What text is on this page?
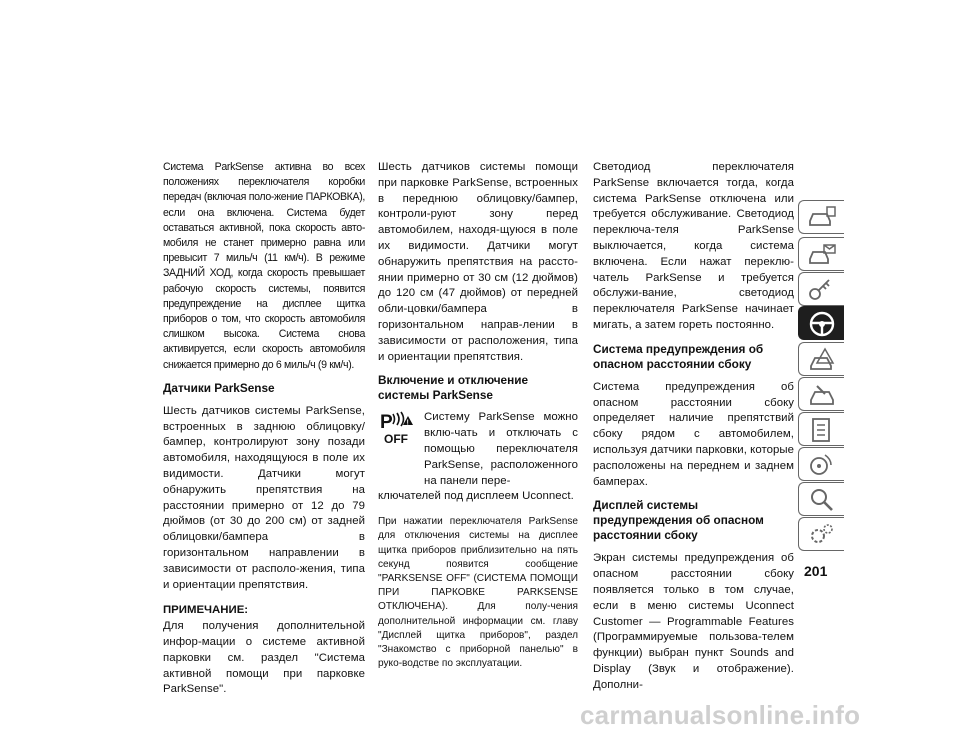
Система ParkSense активна во всех положениях переключателя коробки передач (включая поло-жение ПАРКОВКА), если она включена. Система будет оставаться активной, пока скорость авто-мобиля не станет примерно равна или превысит 7 миль/ч (11 км/ч). В режиме ЗАДНИЙ ХОД, когда скорость превышает рабочую скорость системы, появится предупреждение на дисплее щитка приборов о том, что скорость автомобиля слишком высока. Система снова активируется, если скорость автомобиля снижается примерно до 6 миль/ч (9 км/ч).

Датчики ParkSense

Шесть датчиков системы ParkSense, встроенных в заднюю облицовку/бампер, контролируют зону позади автомобиля, находящуюся в поле их видимости. Датчики могут обнаружить препятствия на расстоянии примерно от 12 до 79 дюймов (от 30 до 200 см) от задней облицовки/бампера в горизонтальном направлении в зависимости от располо-жения, типа и ориентации препятствия.

ПРИМЕЧАНИЕ:

Для получения дополнительной инфор-мации о системе активной парковки см. раздел "Система активной помощи при парковке ParkSense".

Шесть датчиков системы помощи при парковке ParkSense, встроенных в переднюю облицовку/бампер, контроли-руют зону перед автомобилем, находя-щуюся в поле их видимости. Датчики могут обнаружить препятствия на рассто-янии примерно от 30 см (12 дюймов) до 120 см (47 дюймов) от передней обли-цовки/бампера в горизонтальном направ-лении в зависимости от расположения, типа и ориентации препятствия.

Включение и отключение системы ParkSense
P !
OFF

Систему ParkSense можно вклю-чать и отключать с помощью переключателя ParkSense, расположенного на панели пере-

ключателей под дисплеем Uconnect.

При нажатии переключателя ParkSense для отключения системы на дисплее щитка приборов приблизительно на пять секунд появится сообщение "PARKSENSE OFF" (СИСТЕМА ПОМОЩИ ПРИ ПАРКОВКЕ PARKSENSE ОТКЛЮЧЕНА). Для полу-чения дополнительной информации см. главу "Дисплей щитка приборов", раздел "Знакомство с приборной панелью" в руко-водстве по эксплуатации.

Светодиод переключателя ParkSense включается тогда, когда система ParkSense отключена или требуется обслуживание. Светодиод переключа-теля ParkSense выключается, когда система включена. Если нажат переклю-чатель ParkSense и требуется обслужи-вание, светодиод переключателя ParkSense начинает мигать, а затем гореть постоянно.

Система предупреждения об опасном расстоянии сбоку

Система предупреждения об опасном расстоянии сбоку определяет наличие препятствий сбоку рядом с автомобилем, используя датчики парковки, которые расположены на переднем и заднем бамперах.

Дисплей системы предупреждения об опасном расстоянии сбоку

Экран системы предупреждения об опасном расстоянии сбоку появляется только в том случае, если в меню системы Uconnect Customer — Programmable Features (Программируемые пользова-телем функции) выбран пункт Sounds and Display (Звук и отображение). Дополни-

201
carmanualsonline.info
